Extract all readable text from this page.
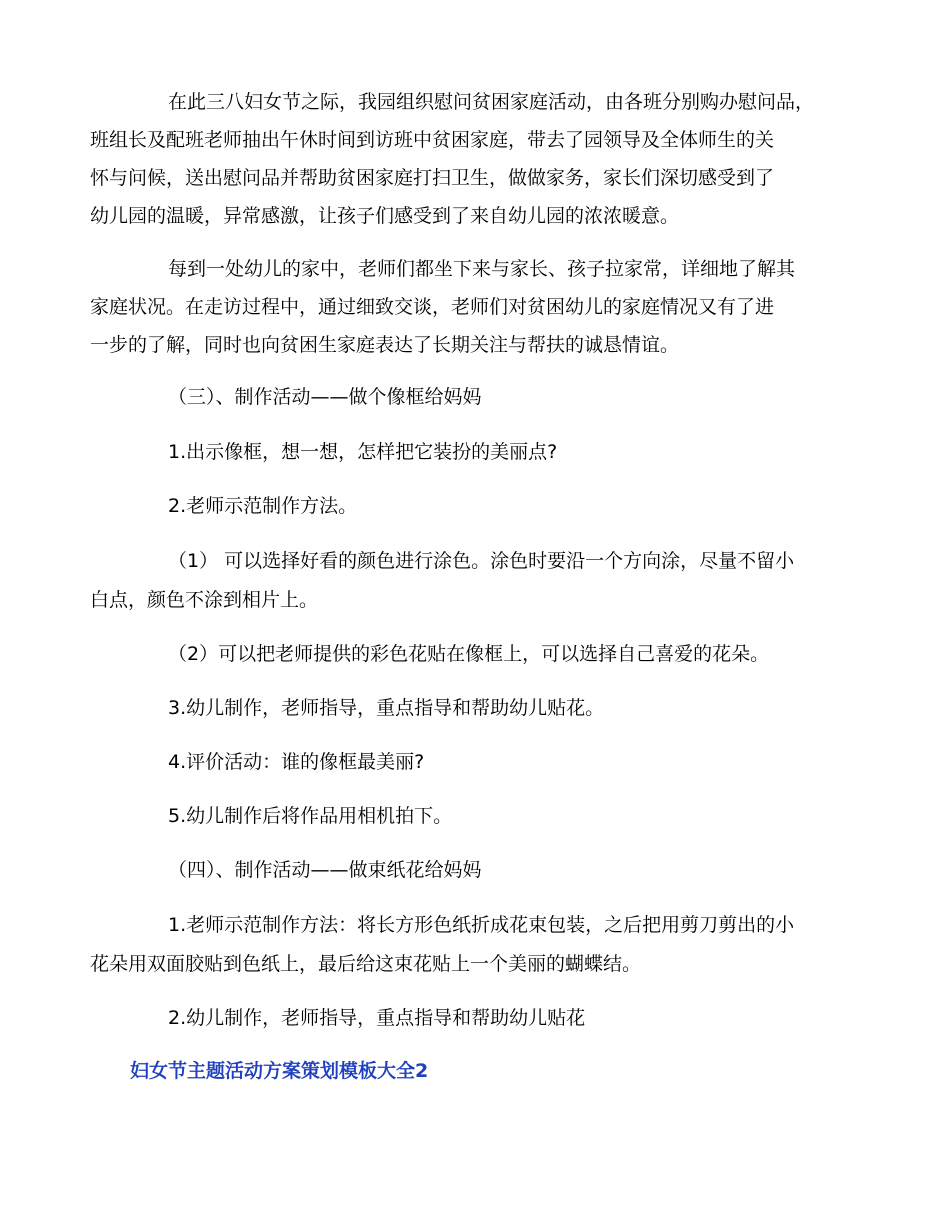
在此三八妇女节之际，我园组织慰问贫困家庭活动，由各班分别购办慰问品，
班组长及配班老师抽出午休时间到访班中贫困家庭，带去了园领导及全体师生的关
怀与问候，送出慰问品并帮助贫困家庭打扫卫生，做做家务，家长们深切感受到了
幼儿园的温暖，异常感激，让孩子们感受到了来自幼儿园的浓浓暖意。
每到一处幼儿的家中，老师们都坐下来与家长、孩子拉家常，详细地了解其
家庭状况。在走访过程中，通过细致交谈，老师们对贫困幼儿的家庭情况又有了进
一步的了解，同时也向贫困生家庭表达了长期关注与帮扶的诚恳情谊。
（三）、制作活动——做个像框给妈妈
1.出示像框，想一想，怎样把它装扮的美丽点?
2.老师示范制作方法。
（1） 可以选择好看的颜色进行涂色。涂色时要沿一个方向涂，尽量不留小
白点，颜色不涂到相片上。
（2）可以把老师提供的彩色花贴在像框上，可以选择自己喜爱的花朵。
3.幼儿制作，老师指导，重点指导和帮助幼儿贴花。
4.评价活动：谁的像框最美丽?
5.幼儿制作后将作品用相机拍下。
（四）、制作活动——做束纸花给妈妈
1.老师示范制作方法：将长方形色纸折成花束包装，之后把用剪刀剪出的小
花朵用双面胶贴到色纸上，最后给这束花贴上一个美丽的蝴蝶结。
2.幼儿制作，老师指导，重点指导和帮助幼儿贴花
妇女节主题活动方案策划模板大全2
